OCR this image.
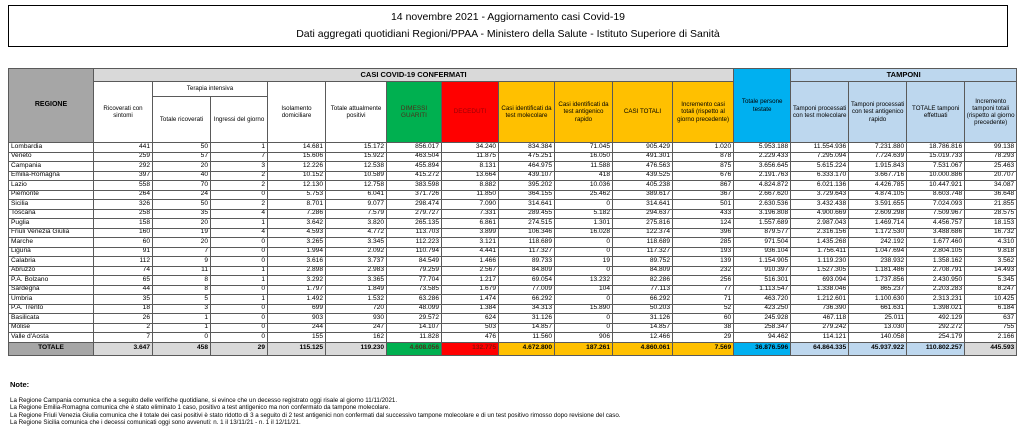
14 novembre 2021 - Aggiornamento casi Covid-19
Dati aggregati quotidiani Regioni/PPAA - Ministero della Salute - Istituto Superiore di Sanità
REGIONE	CASI COVID-19 CONFERMATI											Totale persone testate	TAMPONI			
	Ricoverati con sintomi	Terapia intensiva		Isolamento domiciliare	Totale attualmente positivi	DIMESSI GUARITI	DECEDUTI	Casi identificati da test molecolare	Casi identificati da test antigenico rapido	CASI TOTALI	Incremento casi totali (rispetto al giorno precedente)		Tamponi processati con test molecolare	Tamponi processati con test antigenico rapido	TOTALE tamponi effettuati	Incremento tamponi totali (rispetto al giorno precedente)
		Totale ricoverati	Ingressi del giorno													
Lombardia	441	50	1	14.681	15.172	856.017	34.240	834.384	71.045	905.429	1.020	5.953.188	11.554.936	7.231.880	18.786.816	99.138
Veneto	259	57	7	15.606	15.922	463.504	11.875	475.251	16.050	491.301	878	2.229.433	7.295.094	7.724.639	15.019.733	78.293
Campania	292	20	3	12.226	12.538	455.894	8.131	464.975	11.588	476.563	875	3.656.645	5.615.224	1.915.843	7.531.067	25.463
Emilia-Romagna	397	40	2	10.152	10.589	415.272	13.664	439.107	418	439.525	676	2.191.763	6.333.170	3.667.716	10.000.886	20.707
Lazio	558	70	2	12.130	12.758	383.598	8.882	395.202	10.036	405.238	867	4.824.872	6.021.136	4.426.785	10.447.921	34.087
Piemonte	264	24	0	5.753	6.041	371.726	11.850	364.155	25.462	389.617	367	2.667.620	3.729.643	4.874.105	8.603.748	36.648
Sicilia	326	50	2	8.701	9.077	298.474	7.090	314.641	0	314.641	501	2.630.536	3.432.438	3.591.655	7.024.093	21.855
Toscana	258	35	4	7.286	7.579	279.727	7.331	289.455	5.182	294.637	433	3.196.808	4.900.669	2.609.298	7.509.967	28.575
Puglia	158	20	1	3.642	3.820	265.135	6.861	274.515	1.301	275.816	124	1.557.689	2.987.043	1.469.714	4.456.757	18.153
Friuli Venezia Giulia	160	19	4	4.593	4.772	113.703	3.899	106.346	16.028	122.374	396	879.577	2.316.156	1.172.530	3.488.686	16.732
Marche	60	20	0	3.265	3.345	112.223	3.121	118.689	0	118.689	285	971.504	1.435.268	242.192	1.677.460	4.310
Liguria	91	7	0	1.994	2.092	110.794	4.441	117.327	0	117.327	193	936.104	1.756.411	1.047.694	2.804.105	9.818
Calabria	112	9	0	3.616	3.737	84.549	1.466	89.733	19	89.752	139	1.154.905	1.119.230	238.932	1.358.162	3.562
Abruzzo	74	11	1	2.898	2.983	79.259	2.567	84.809	0	84.809	232	910.397	1.527.305	1.181.486	2.708.791	14.493
P.A. Bolzano	65	8	1	3.292	3.365	77.704	1.217	69.054	13.232	82.286	256	516.301	693.094	1.737.856	2.430.950	5.345
Sardegna	44	8	0	1.797	1.849	73.585	1.679	77.009	104	77.113	77	1.113.547	1.338.046	865.237	2.203.283	8.247
Umbria	35	5	1	1.492	1.532	63.286	1.474	66.292	0	66.292	71	463.720	1.212.601	1.100.630	2.313.231	10.425
P.A. Trento	18	3	0	699	720	48.099	1.384	34.313	15.890	50.203	52	423.250	736.390	661.631	1.398.021	6.184
Basilicata	26	1	0	903	930	29.572	624	31.126	0	31.126	60	245.928	467.118	25.011	492.129	637
Molise	2	1	0	244	247	14.107	503	14.857	0	14.857	38	258.347	279.242	13.030	292.272	755
Valle d'Aosta	7	0	0	155	162	11.828	476	11.560	906	12.466	29	94.462	114.121	140.058	254.179	2.166
TOTALE	3.647	458	29	115.125	119.230	4.608.056	132.775	4.672.800	187.261	4.860.061	7.569	36.876.596	64.864.335	45.937.922	110.802.257	445.593
Note:
La Regione Campania comunica che a seguito delle verifiche quotidiane, si evince che un decesso registrato oggi risale al giorno 11/11/2021.
La Regione Emilia-Romagna comunica che è stato eliminato 1 caso, positivo a test antigenico ma non confermato da tampone molecolare.
La Regione Friuli Venezia Giulia comunica che il totale dei casi positivi è stato ridotto di 3 a seguito di 2 test antigenici non confermati dal successivo tampone molecolare e di un test positivo rimosso dopo revisione del caso.
La Regione Sicilia comunica che i decessi comunicati oggi sono avvenuti: n. 1 il 13/11/21 - n. 1 il 12/11/21.
